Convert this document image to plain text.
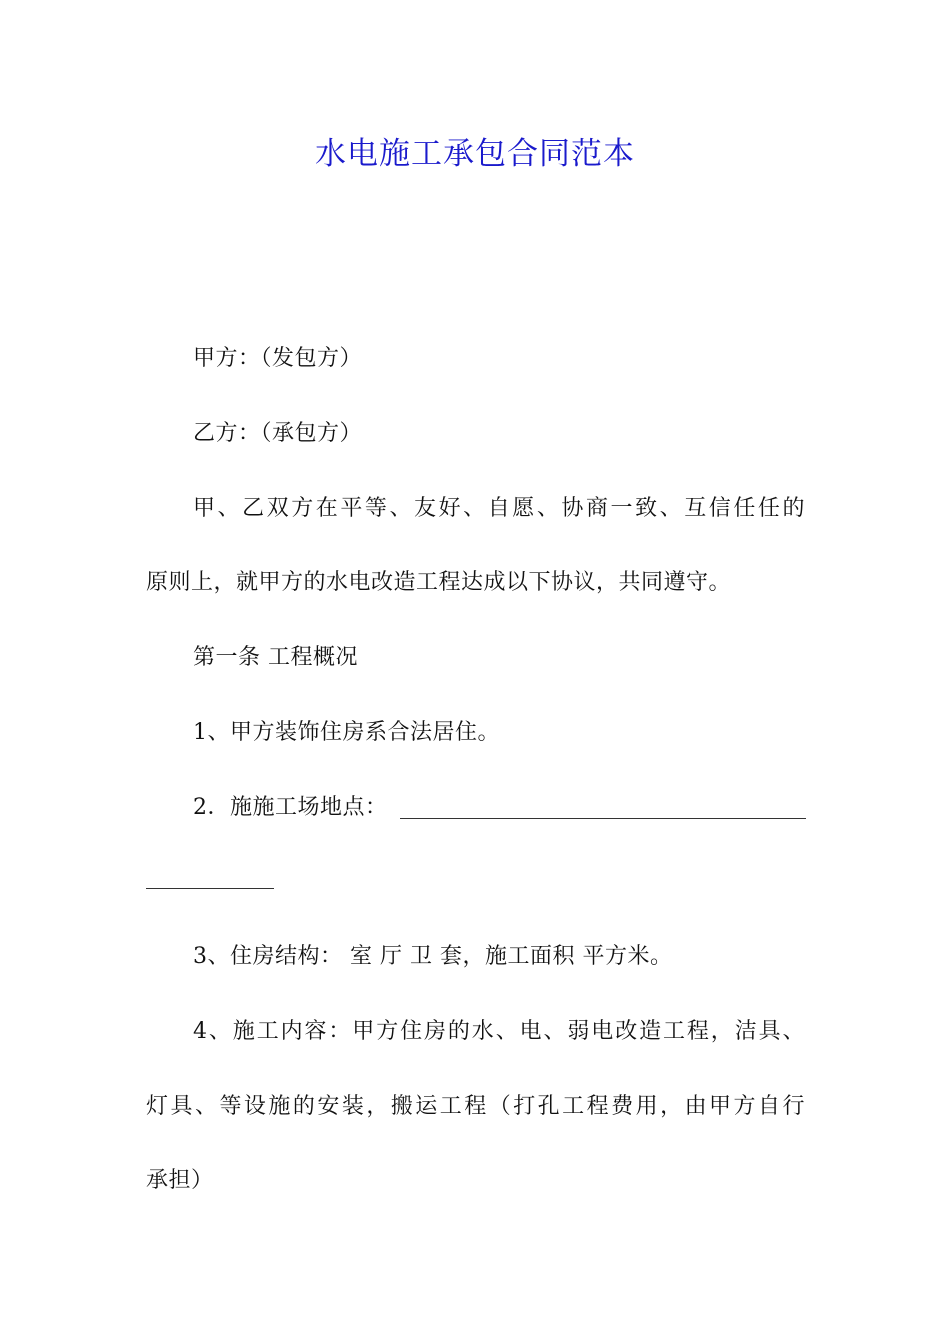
水电施工承包合同范本
甲方：（发包方）
乙方：（承包方）
甲、乙双方在平等、友好、自愿、协商一致、互信任任的
原则上，就甲方的水电改造工程达成以下协议，共同遵守。
第一条 工程概况
1、甲方装饰住房系合法居住。
2．施施工场地点：
3、住房结构： 室 厅 卫 套，施工面积 平方米。
4、施工内容：甲方住房的水、电、弱电改造工程，洁具、
灯具、等设施的安装，搬运工程（打孔工程费用，由甲方自行
承担）
